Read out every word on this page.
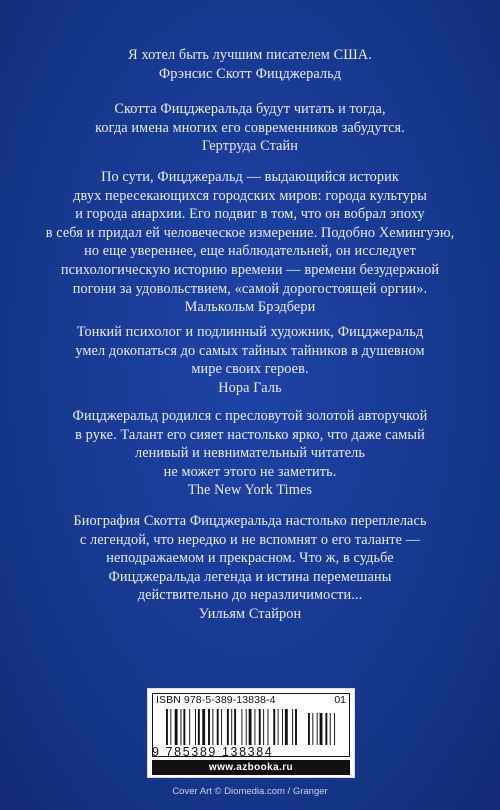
Я хотел быть лучшим писателем США.
Фрэнсис Скотт Фицджеральд
Скотта Фицджеральда будут читать и тогда,
когда имена многих его современников забудутся.
Гертруда Стайн
По сути, Фицджеральд — выдающийся историк
двух пересекающихся городских миров: города культуры
и города анархии. Его подвиг в том, что он вобрал эпоху
в себя и придал ей человеческое измерение. Подобно Хемингуэю,
но еще увереннее, еще наблюдательней, он исследует
психологическую историю времени — времени безудержной
погони за удовольствием, «самой дорогостоящей оргии».
Малькольм Брэдбери
Тонкий психолог и подлинный художник, Фицджеральд
умел докопаться до самых тайных тайников в душевном
мире своих героев.
Нора Галь
Фицджеральд родился с пресловутой золотой авторучкой
в руке. Талант его сияет настолько ярко, что даже самый
ленивый и невнимательный читатель
не может этого не заметить.
The New York Times
Биография Скотта Фицджеральда настолько переплелась
с легендой, что нередко и не вспомнят о его таланте —
неподражаемом и прекрасном. Что ж, в судьбе
Фицджеральда легенда и истина перемешаны
действительно до неразличимости...
Уильям Стайрон
ISBN 978-5-389-13838-4	01
9 785389 138384
www.azbooka.ru
Cover Art © Diomedia.com / Granger
